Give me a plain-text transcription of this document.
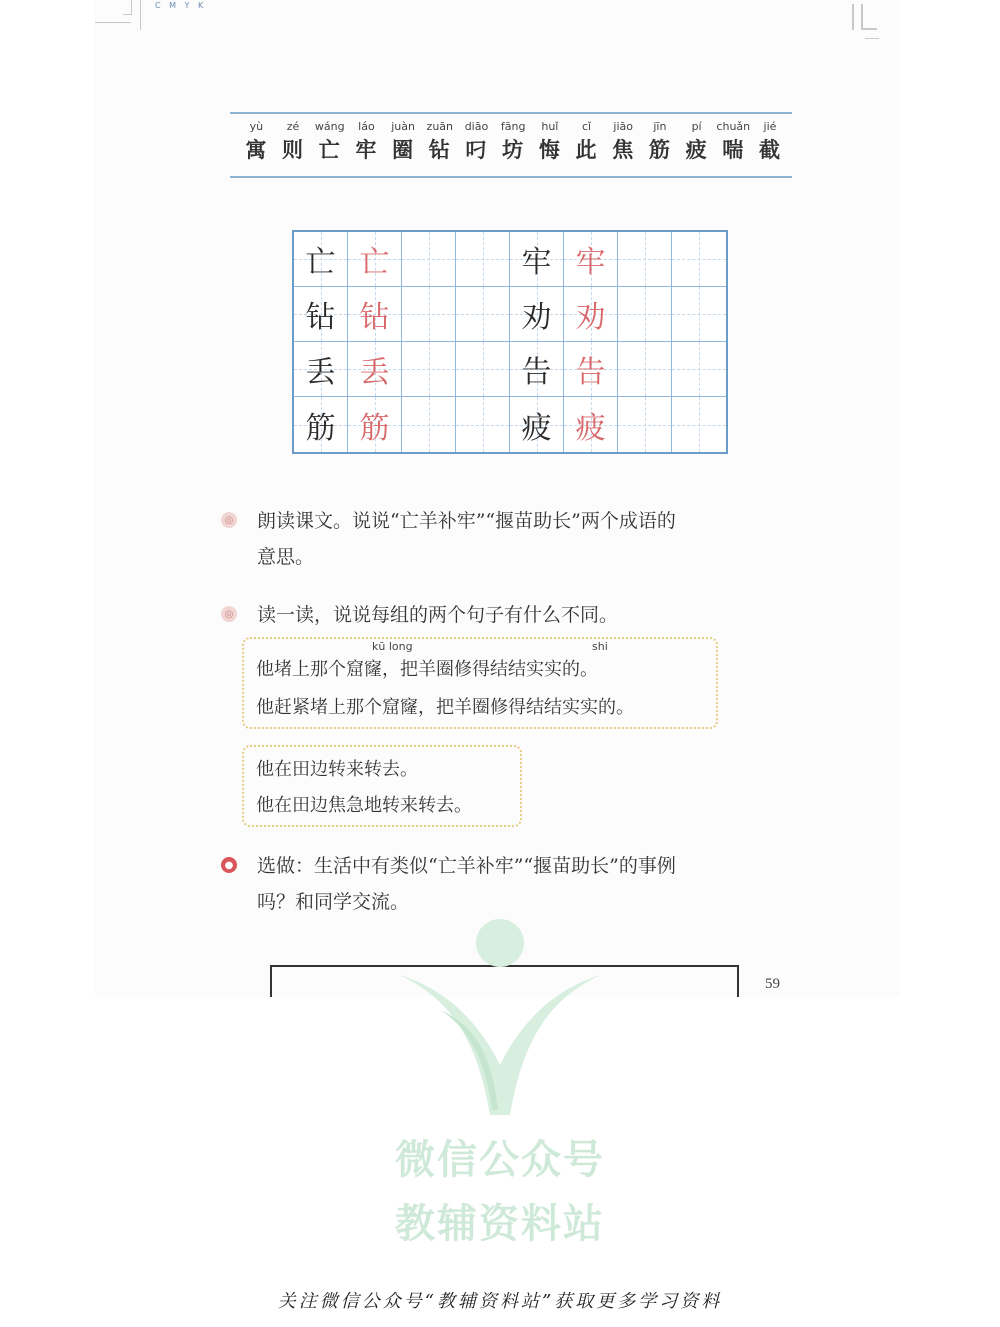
C M Y K
yù
寓
zé
则
wáng
亡
láo
牢
juàn
圈
zuān
钻
diāo
叼
fāng
坊
huǐ
悔
cǐ
此
jiāo
焦
jīn
筋
pí
疲
chuǎn
喘
jié
截
亡 亡	牢 牢
钻 钻	劝 劝
丢 丢	告 告
筋 筋	疲 疲
◎ 朗读课文。说说“亡羊补牢”“揠苗助长”两个成语的
意思。
◎ 读一读，说说每组的两个句子有什么不同。
kū long	shi
他堵上那个窟窿，把羊圈修得结结实实的。
他赶紧堵上那个窟窿，把羊圈修得结结实实的。
他在田边转来转去。
他在田边焦急地转来转去。
● 选做：生活中有类似“亡羊补牢”“揠苗助长”的事例
吗？和同学交流。
59
微信公众号
教辅资料站
关注微信公众号“教辅资料站”获取更多学习资料
